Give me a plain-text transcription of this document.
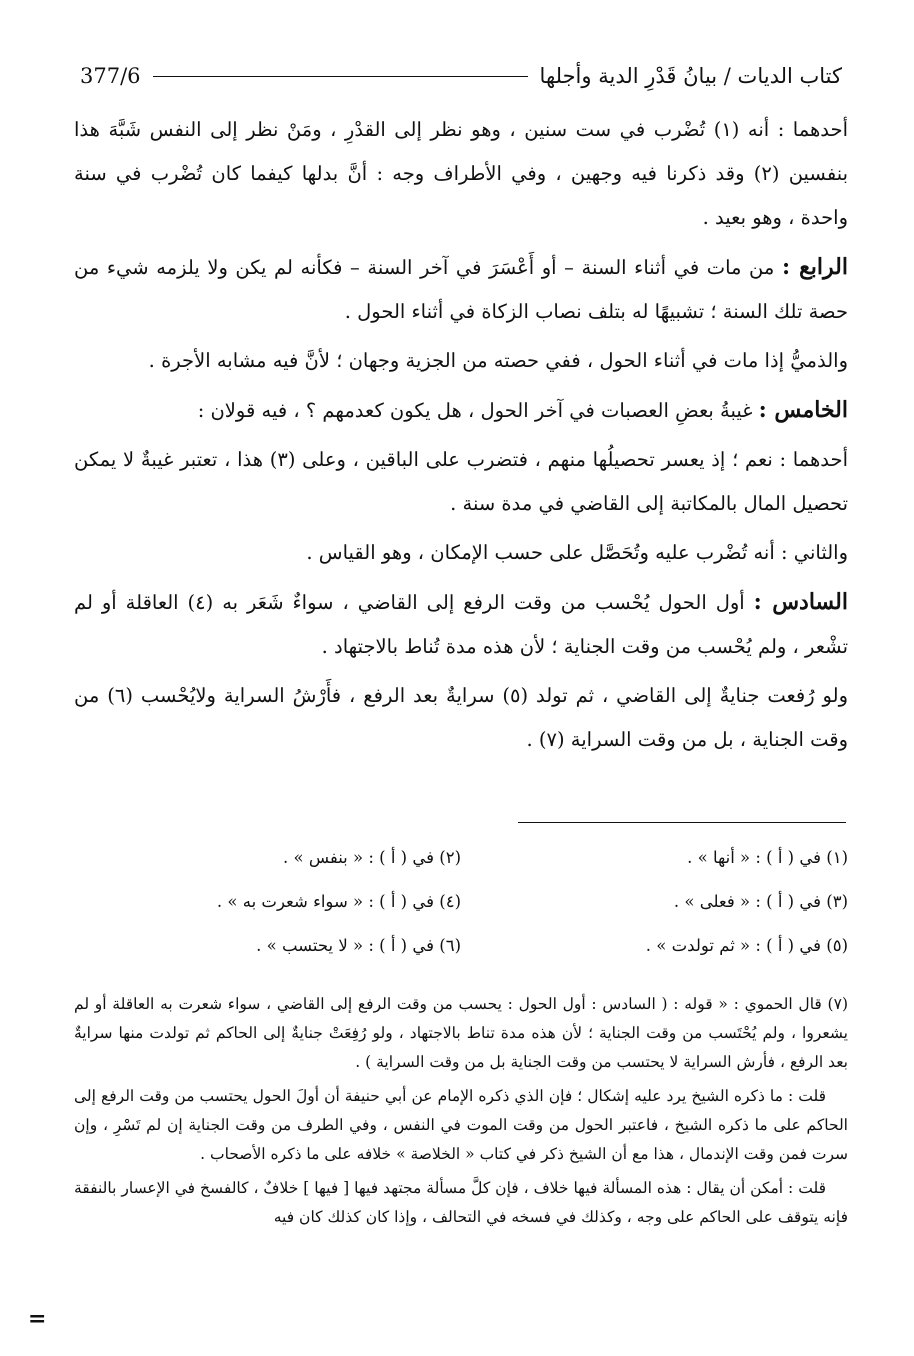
كتاب الديات / بيانُ قَدْرِ الدية وأجلها
377/6

أحدهما : أنه (١) تُضْرب في ست سنين ، وهو نظر إلى القدْرِ ، ومَنْ نظر إلى النفس شَبَّهَ هذا بنفسين (٢) وقد ذكرنا فيه وجهين ، وفي الأطراف وجه : أنَّ بدلها كيفما كان تُضْرب في سنة واحدة ، وهو بعيد .

الرابع : من مات في أثناء السنة – أو أَعْسَرَ في آخر السنة – فكأنه لم يكن ولا يلزمه شيء من حصة تلك السنة ؛ تشبيهًا له بتلف نصاب الزكاة في أثناء الحول .

والذميُّ إذا مات في أثناء الحول ، ففي حصته من الجزية وجهان ؛ لأنَّ فيه مشابه الأجرة .

الخامس : غيبةُ بعضِ العصبات في آخر الحول ، هل يكون كعدمهم ؟ ، فيه قولان :

أحدهما : نعم ؛ إذ يعسر تحصيلُها منهم ، فتضرب على الباقين ، وعلى (٣) هذا ، تعتبر غيبةٌ لا يمكن تحصيل المال بالمكاتبة إلى القاضي في مدة سنة .

والثاني : أنه تُضْرب عليه وتُحَصَّل على حسب الإمكان ، وهو القياس .

السادس : أول الحول يُحْسب من وقت الرفع إلى القاضي ، سواءٌ شَعَر به (٤) العاقلة أو لم تشْعر ، ولم يُحْسب من وقت الجناية ؛ لأن هذه مدة تُناط بالاجتهاد .

ولو رُفعت جنايةٌ إلى القاضي ، ثم تولد (٥) سرايةٌ بعد الرفع ، فأَرْشُ السراية ولايُحْسب (٦) من وقت الجناية ، بل من وقت السراية (٧) .

(١) في ( أ ) : « أنها » .
(٢) في ( أ ) : « بنفس » .
(٣) في ( أ ) : « فعلى » .
(٤) في ( أ ) : « سواء شعرت به » .
(٥) في ( أ ) : « ثم تولدت » .
(٦) في ( أ ) : « لا يحتسب » .

(٧) قال الحموي : « قوله : ( السادس : أول الحول : يحسب من وقت الرفع إلى القاضي ، سواء شعرت به العاقلة أو لم يشعروا ، ولم يُحْتَسب من وقت الجناية ؛ لأن هذه مدة تناط بالاجتهاد ، ولو رُفِعَتْ جنايةٌ إلى الحاكم ثم تولدت منها سرايةٌ بعد الرفع ، فأرش السراية لا يحتسب من وقت الجناية بل من وقت السراية ) .

قلت : ما ذكره الشيخ يرد عليه إشكال ؛ فإن الذي ذكره الإمام عن أبي حنيفة أن أولَ الحول يحتسب من وقت الرفع إلى الحاكم على ما ذكره الشيخ ، فاعتبر الحول من وقت الموت في النفس ، وفي الطرف من وقت الجناية إن لم تَسْرِ ، وإن سرت فمن وقت الإندمال ، هذا مع أن الشيخ ذكر في كتاب « الخلاصة » خلافه على ما ذكره الأصحاب .

قلت : أمكن أن يقال : هذه المسألة فيها خلاف ، فإن كلَّ مسألة مجتهد فيها [ فيها ] خلافٌ ، كالفسخ في الإعسار بالنفقة فإنه يتوقف على الحاكم على وجه ، وكذلك في فسخه في التحالف ، وإذا كان كذلك كان فيه

=
